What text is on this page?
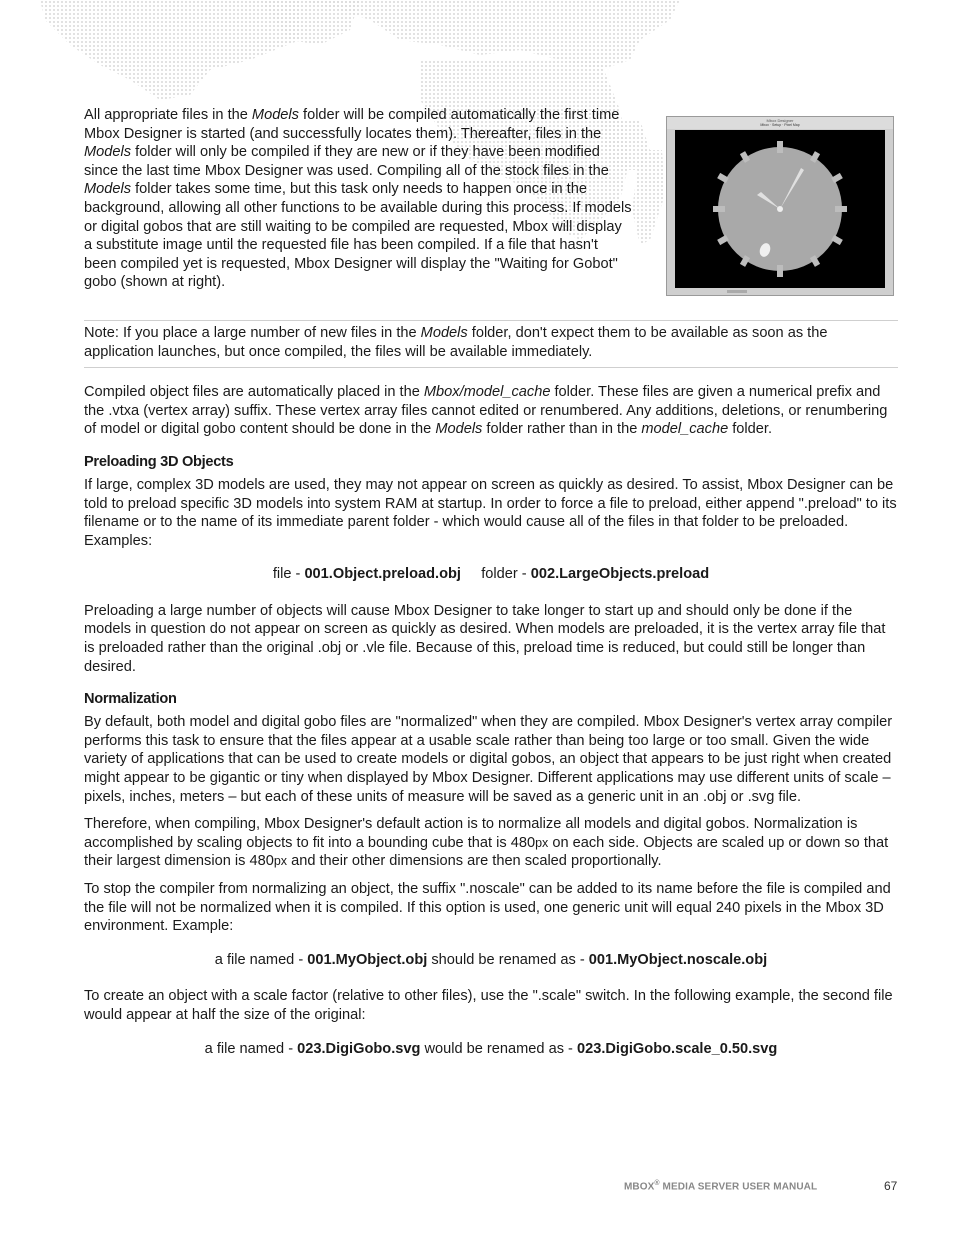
Mbox Designer
Mbox · Setup · Pixel Map

All appropriate files in the Models folder will be compiled automatically the first time Mbox Designer is started (and successfully locates them). Thereafter, files in the Models folder will only be compiled if they are new or if they have been modified since the last time Mbox Designer was used. Compiling all of the stock files in the Models folder takes some time, but this task only needs to happen once in the background, allowing all other functions to be available during this process. If models or digital gobos that are still waiting to be compiled are requested, Mbox will display a substitute image until the requested file has been compiled. If a file that hasn't been compiled yet is requested, Mbox Designer will display the "Waiting for Gobot" gobo (shown at right).

Note: If you place a large number of new files in the Models folder, don't expect them to be available as soon as the application launches, but once compiled, the files will be available immediately.

Compiled object files are automatically placed in the Mbox/model_cache folder. These files are given a numerical prefix and the .vtxa (vertex array) suffix. These vertex array files cannot edited or renumbered. Any additions, deletions, or renumbering of model or digital gobo content should be done in the Models folder rather than in the model_cache folder.

Preloading 3D Objects

If large, complex 3D models are used, they may not appear on screen as quickly as desired. To assist, Mbox Designer can be told to preload specific 3D models into system RAM at startup. In order to force a file to preload, either append ".preload" to its filename or to the name of its immediate parent folder - which would cause all of the files in that folder to be preloaded. Examples:

file - 001.Object.preload.obj folder - 002.LargeObjects.preload

Preloading a large number of objects will cause Mbox Designer to take longer to start up and should only be done if the models in question do not appear on screen as quickly as desired. When models are preloaded, it is the vertex array file that is preloaded rather than the original .obj or .vle file. Because of this, preload time is reduced, but could still be longer than desired.

Normalization

By default, both model and digital gobo files are "normalized" when they are compiled. Mbox Designer's vertex array compiler performs this task to ensure that the files appear at a usable scale rather than being too large or too small. Given the wide variety of applications that can be used to create models or digital gobos, an object that appears to be just right when created might appear to be gigantic or tiny when displayed by Mbox Designer. Different applications may use different units of scale – pixels, inches, meters – but each of these units of measure will be saved as a generic unit in an .obj or .svg file.

Therefore, when compiling, Mbox Designer's default action is to normalize all models and digital gobos. Normalization is accomplished by scaling objects to fit into a bounding cube that is 480px on each side. Objects are scaled up or down so that their largest dimension is 480px and their other dimensions are then scaled proportionally.

To stop the compiler from normalizing an object, the suffix ".noscale" can be added to its name before the file is compiled and the file will not be normalized when it is compiled. If this option is used, one generic unit will equal 240 pixels in the Mbox 3D environment. Example:

a file named - 001.MyObject.obj should be renamed as - 001.MyObject.noscale.obj

To create an object with a scale factor (relative to other files), use the ".scale" switch. In the following example, the second file would appear at half the size of the original:

a file named - 023.DigiGobo.svg would be renamed as - 023.DigiGobo.scale_0.50.svg

MBOX® MEDIA SERVER USER MANUAL	67
